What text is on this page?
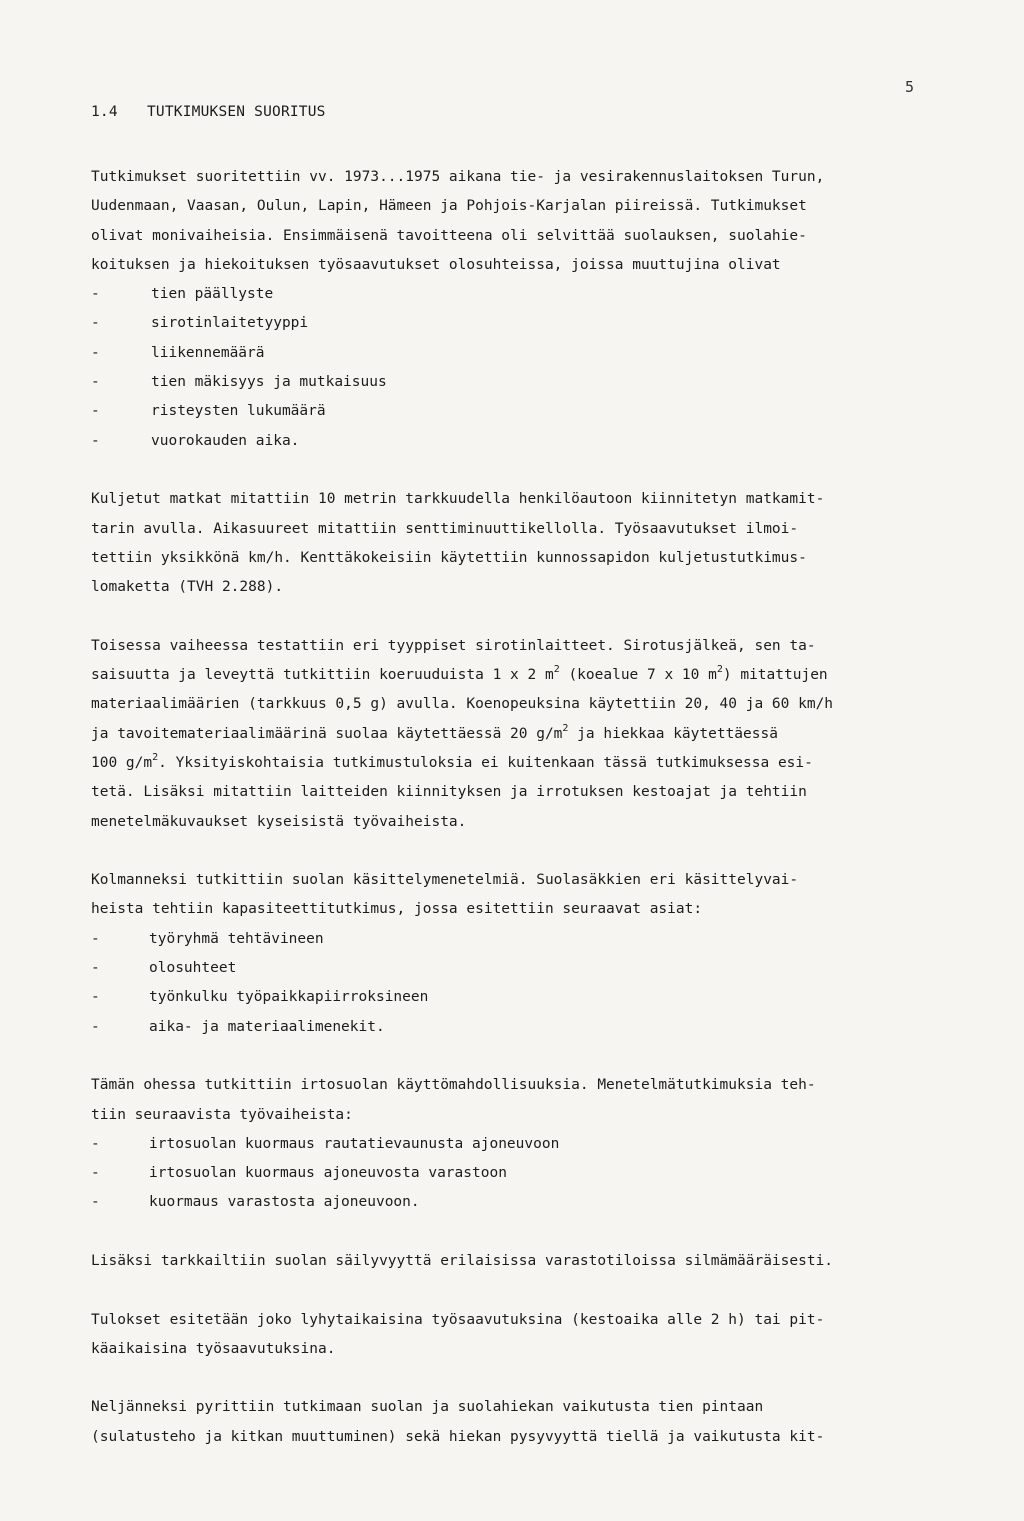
5
1.4 TUTKIMUKSEN SUORITUS
Tutkimukset suoritettiin vv. 1973...1975 aikana tie- ja vesirakennuslaitoksen Turun,
Uudenmaan, Vaasan, Oulun, Lapin, Hämeen ja Pohjois-Karjalan piireissä. Tutkimukset
olivat monivaiheisia. Ensimmäisenä tavoitteena oli selvittää suolauksen, suolahie-
koituksen ja hiekoituksen työsaavutukset olosuhteissa, joissa muuttujina olivat
-	tien päällyste
-	sirotinlaitetyyppi
-	liikennemäärä
-	tien mäkisyys ja mutkaisuus
-	risteysten lukumäärä
-	vuorokauden aika.
Kuljetut matkat mitattiin 10 metrin tarkkuudella henkilöautoon kiinnitetyn matkamit-
tarin avulla. Aikasuureet mitattiin senttiminuuttikellolla. Työsaavutukset ilmoi-
tettiin yksikkönä km/h. Kenttäkokeisiin käytettiin kunnossapidon kuljetustutkimus-
lomaketta (TVH 2.288).
Toisessa vaiheessa testattiin eri tyyppiset sirotinlaitteet. Sirotusjälkeä, sen ta-
saisuutta ja leveyttä tutkittiin koeruuduista 1 x 2 $m^2$ (koealue 7 x 10 $m^2$) mitattujen
materiaalimäärien (tarkkuus 0,5 g) avulla. Koenopeuksina käytettiin 20, 40 ja 60 km/h
ja tavoitemateriaalimäärinä suolaa käytettäessä 20 $g/m^2$ ja hiekkaa käytettäessä
100 $g/m^2$. Yksityiskohtaisia tutkimustuloksia ei kuitenkaan tässä tutkimuksessa esi-
tetä. Lisäksi mitattiin laitteiden kiinnityksen ja irrotuksen kestoajat ja tehtiin
menetelmäkuvaukset kyseisistä työvaiheista.
Kolmanneksi tutkittiin suolan käsittelymenetelmiä. Suolasäkkien eri käsittelyvai-
heista tehtiin kapasiteettitutkimus, jossa esitettiin seuraavat asiat:
-	työryhmä tehtävineen
-	olosuhteet
-	työnkulku työpaikkapiirroksineen
-	aika- ja materiaalimenekit.
Tämän ohessa tutkittiin irtosuolan käyttömahdollisuuksia. Menetelmätutkimuksia teh-
tiin seuraavista työvaiheista:
-	irtosuolan kuormaus rautatievaunusta ajoneuvoon
-	irtosuolan kuormaus ajoneuvosta varastoon
-	kuormaus varastosta ajoneuvoon.
Lisäksi tarkkailtiin suolan säilyvyyttä erilaisissa varastotiloissa silmämääräisesti.
Tulokset esitetään joko lyhytaikaisina työsaavutuksina (kestoaika alle 2 h) tai pit-
käaikaisina työsaavutuksina.
Neljänneksi pyrittiin tutkimaan suolan ja suolahiekan vaikutusta tien pintaan
(sulatusteho ja kitkan muuttuminen) sekä hiekan pysyvyyttä tiellä ja vaikutusta kit-
